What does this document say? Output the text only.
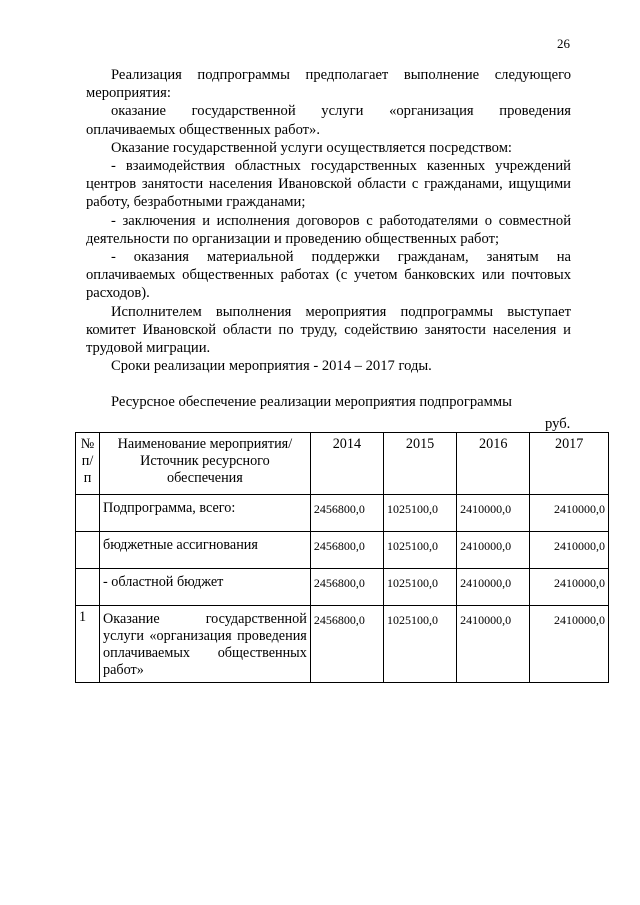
26

Реализация подпрограммы предполагает выполнение следующего мероприятия:

оказание государственной услуги «организация проведения оплачиваемых общественных работ».

Оказание государственной услуги осуществляется посредством:

- взаимодействия областных государственных казенных учреждений центров занятости населения Ивановской области с гражданами, ищущими работу, безработными гражданами;

- заключения и исполнения договоров с работодателями о совместной деятельности по организации и проведению общественных работ;

- оказания материальной поддержки гражданам, занятым на оплачиваемых общественных работах (с учетом банковских или почтовых расходов).

Исполнителем выполнения мероприятия подпрограммы выступает комитет Ивановской области по труду, содействию занятости населения и трудовой миграции.

Сроки реализации мероприятия - 2014 – 2017 годы.

Ресурсное обеспечение реализации мероприятия подпрограммы

руб.
№ п/п	Наименование мероприятия/Источник ресурсного обеспечения	2014	2015	2016	2017
	Подпрограмма, всего:	2456800,0	1025100,0	2410000,0	2410000,0
	бюджетные ассигнования	2456800,0	1025100,0	2410000,0	2410000,0
	- областной бюджет	2456800,0	1025100,0	2410000,0	2410000,0
1	Оказание государственной услуги «организация проведения оплачиваемых общественных работ»	2456800,0	1025100,0	2410000,0	2410000,0
